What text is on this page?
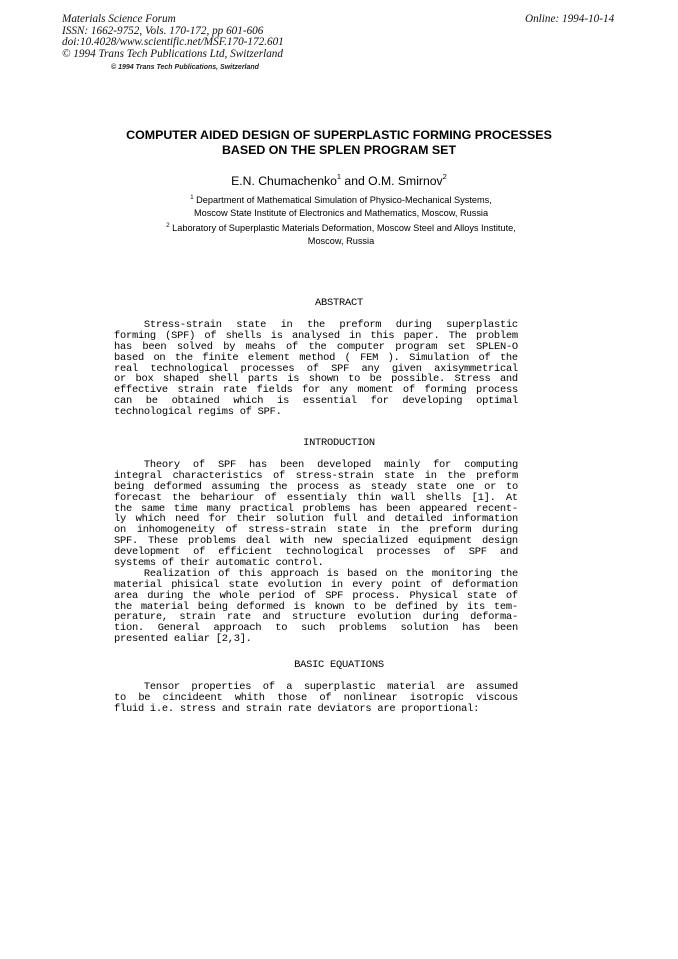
Materials Science Forum
ISSN: 1662-9752, Vols. 170-172, pp 601-606
doi:10.4028/www.scientific.net/MSF.170-172.601
© 1994 Trans Tech Publications Ltd, Switzerland
Online: 1994-10-14
© 1994 Trans Tech Publications, Switzerland
COMPUTER AIDED DESIGN OF SUPERPLASTIC FORMING PROCESSES
BASED ON THE SPLEN PROGRAM SET
E.N. Chumachenko$^1$ and O.M. Smirnov$^2$
$^1$ Department of Mathematical Simulation of Physico-Mechanical Systems,
Moscow State Institute of Electronics and Mathematics, Moscow, Russia
$^2$ Laboratory of Superplastic Materials Deformation, Moscow Steel and Alloys Institute,
Moscow, Russia
ABSTRACT
Stress-strain state in the preform during superplastic
forming (SPF) of shells is analysed in this paper. The problem
has been solved by meahs of the computer program set SPLEN-O
based on the finite element method ( FEM ). Simulation of the
real technological processes of SPF any given axisymmetrical
or box shaped shell parts is shown to be possible. Stress and
effective strain rate fields for any moment of forming process
can be obtained which is essential for developing optimal
technological regims of SPF.
INTRODUCTION
Theory of SPF has been developed mainly for computing
integral characteristics of stress-strain state in the preform
being deformed assuming the process as steady state one or to
forecast the behariour of essentialy thin wall shells [1]. At
the same time many practical problems has been appeared recent-
ly which need for their solution full and detailed information
on inhomogeneity of stress-strain state in the preform during
SPF. These problems deal with new specialized equipment design
development of efficient technological processes of SPF and
systems of their automatic control.
Realization of this approach is based on the monitoring the
material phisical state evolution in every point of deformation
area during the whole period of SPF process. Physical state of
the material being deformed is known to be defined by its tem-
perature, strain rate and structure evolution during deforma-
tion. General approach to such problems solution has been
presented ealiar [2,3].
BASIC EQUATIONS
Tensor properties of a superplastic material are assumed
to be cincideent whith those of nonlinear isotropic viscous
fluid i.e. stress and strain rate deviators are proportional:
